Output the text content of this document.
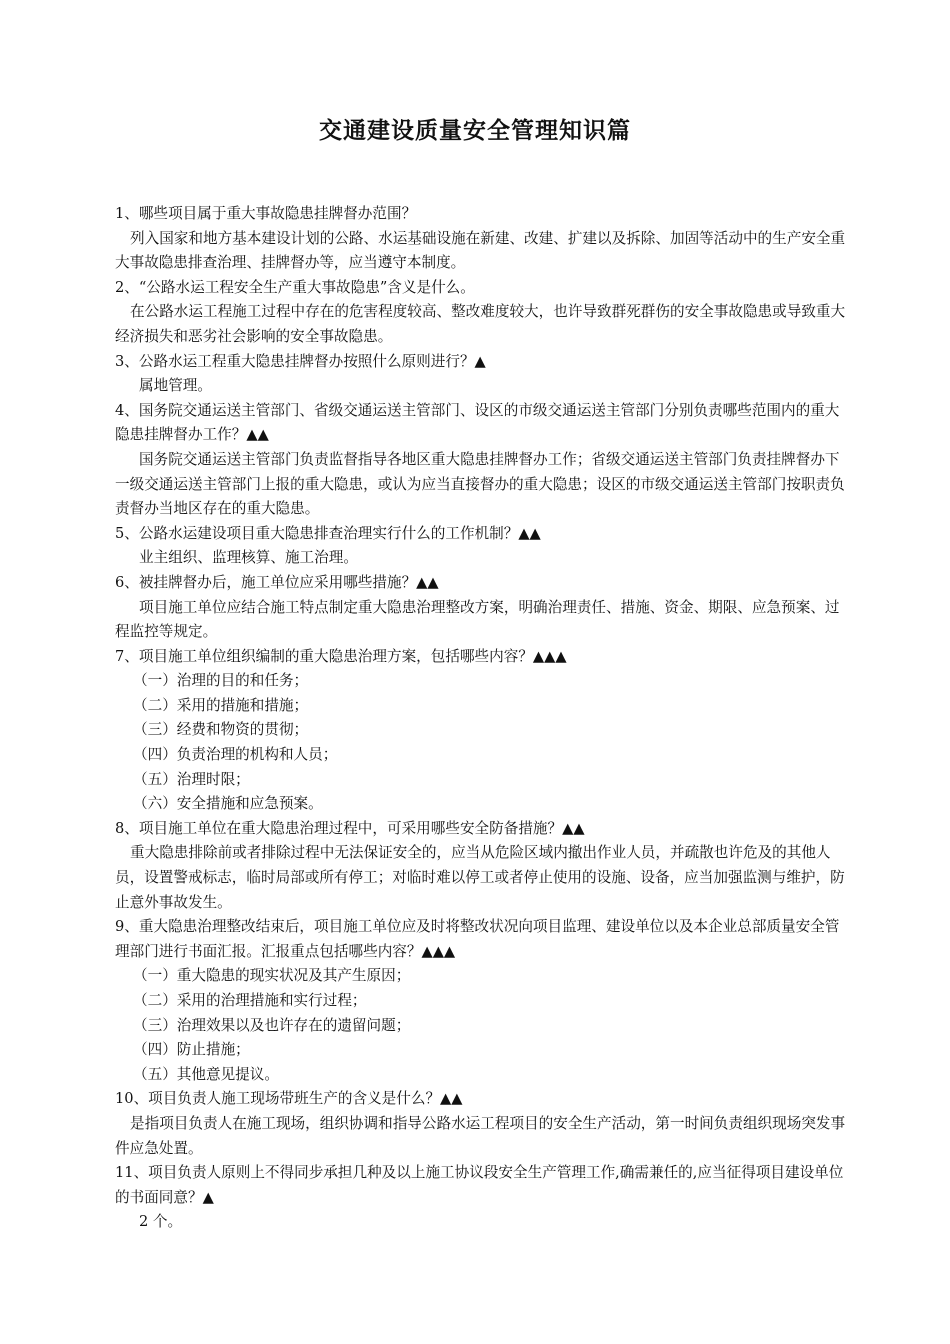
交通建设质量安全管理知识篇

1、哪些项目属于重大事故隐患挂牌督办范围？

列入国家和地方基本建设计划的公路、水运基础设施在新建、改建、扩建以及拆除、加固等活动中的生产安全重大事故隐患排查治理、挂牌督办等，应当遵守本制度。

2、“公路水运工程安全生产重大事故隐患”含义是什么。

在公路水运工程施工过程中存在的危害程度较高、整改难度较大，也许导致群死群伤的安全事故隐患或导致重大经济损失和恶劣社会影响的安全事故隐患。

3、公路水运工程重大隐患挂牌督办按照什么原则进行？▲

属地管理。

4、国务院交通运送主管部门、省级交通运送主管部门、设区的市级交通运送主管部门分别负责哪些范围内的重大隐患挂牌督办工作？▲▲

国务院交通运送主管部门负责监督指导各地区重大隐患挂牌督办工作；省级交通运送主管部门负责挂牌督办下一级交通运送主管部门上报的重大隐患，或认为应当直接督办的重大隐患；设区的市级交通运送主管部门按职责负责督办当地区存在的重大隐患。

5、公路水运建设项目重大隐患排查治理实行什么的工作机制？▲▲

业主组织、监理核算、施工治理。

6、被挂牌督办后，施工单位应采用哪些措施？▲▲

项目施工单位应结合施工特点制定重大隐患治理整改方案，明确治理责任、措施、资金、期限、应急预案、过程监控等规定。

7、项目施工单位组织编制的重大隐患治理方案，包括哪些内容？▲▲▲

（一）治理的目的和任务；

（二）采用的措施和措施；

（三）经费和物资的贯彻；

（四）负责治理的机构和人员；

（五）治理时限；

（六）安全措施和应急预案。

8、项目施工单位在重大隐患治理过程中，可采用哪些安全防备措施？▲▲

重大隐患排除前或者排除过程中无法保证安全的，应当从危险区域内撤出作业人员，并疏散也许危及的其他人员，设置警戒标志，临时局部或所有停工；对临时难以停工或者停止使用的设施、设备，应当加强监测与维护，防止意外事故发生。

9、重大隐患治理整改结束后，项目施工单位应及时将整改状况向项目监理、建设单位以及本企业总部质量安全管理部门进行书面汇报。汇报重点包括哪些内容？▲▲▲

（一）重大隐患的现实状况及其产生原因；

（二）采用的治理措施和实行过程；

（三）治理效果以及也许存在的遗留问题；

（四）防止措施；

（五）其他意见提议。

10、项目负责人施工现场带班生产的含义是什么？▲▲

是指项目负责人在施工现场，组织协调和指导公路水运工程项目的安全生产活动，第一时间负责组织现场突发事件应急处置。

11、项目负责人原则上不得同步承担几种及以上施工协议段安全生产管理工作,确需兼任的,应当征得项目建设单位的书面同意？▲

2 个。
